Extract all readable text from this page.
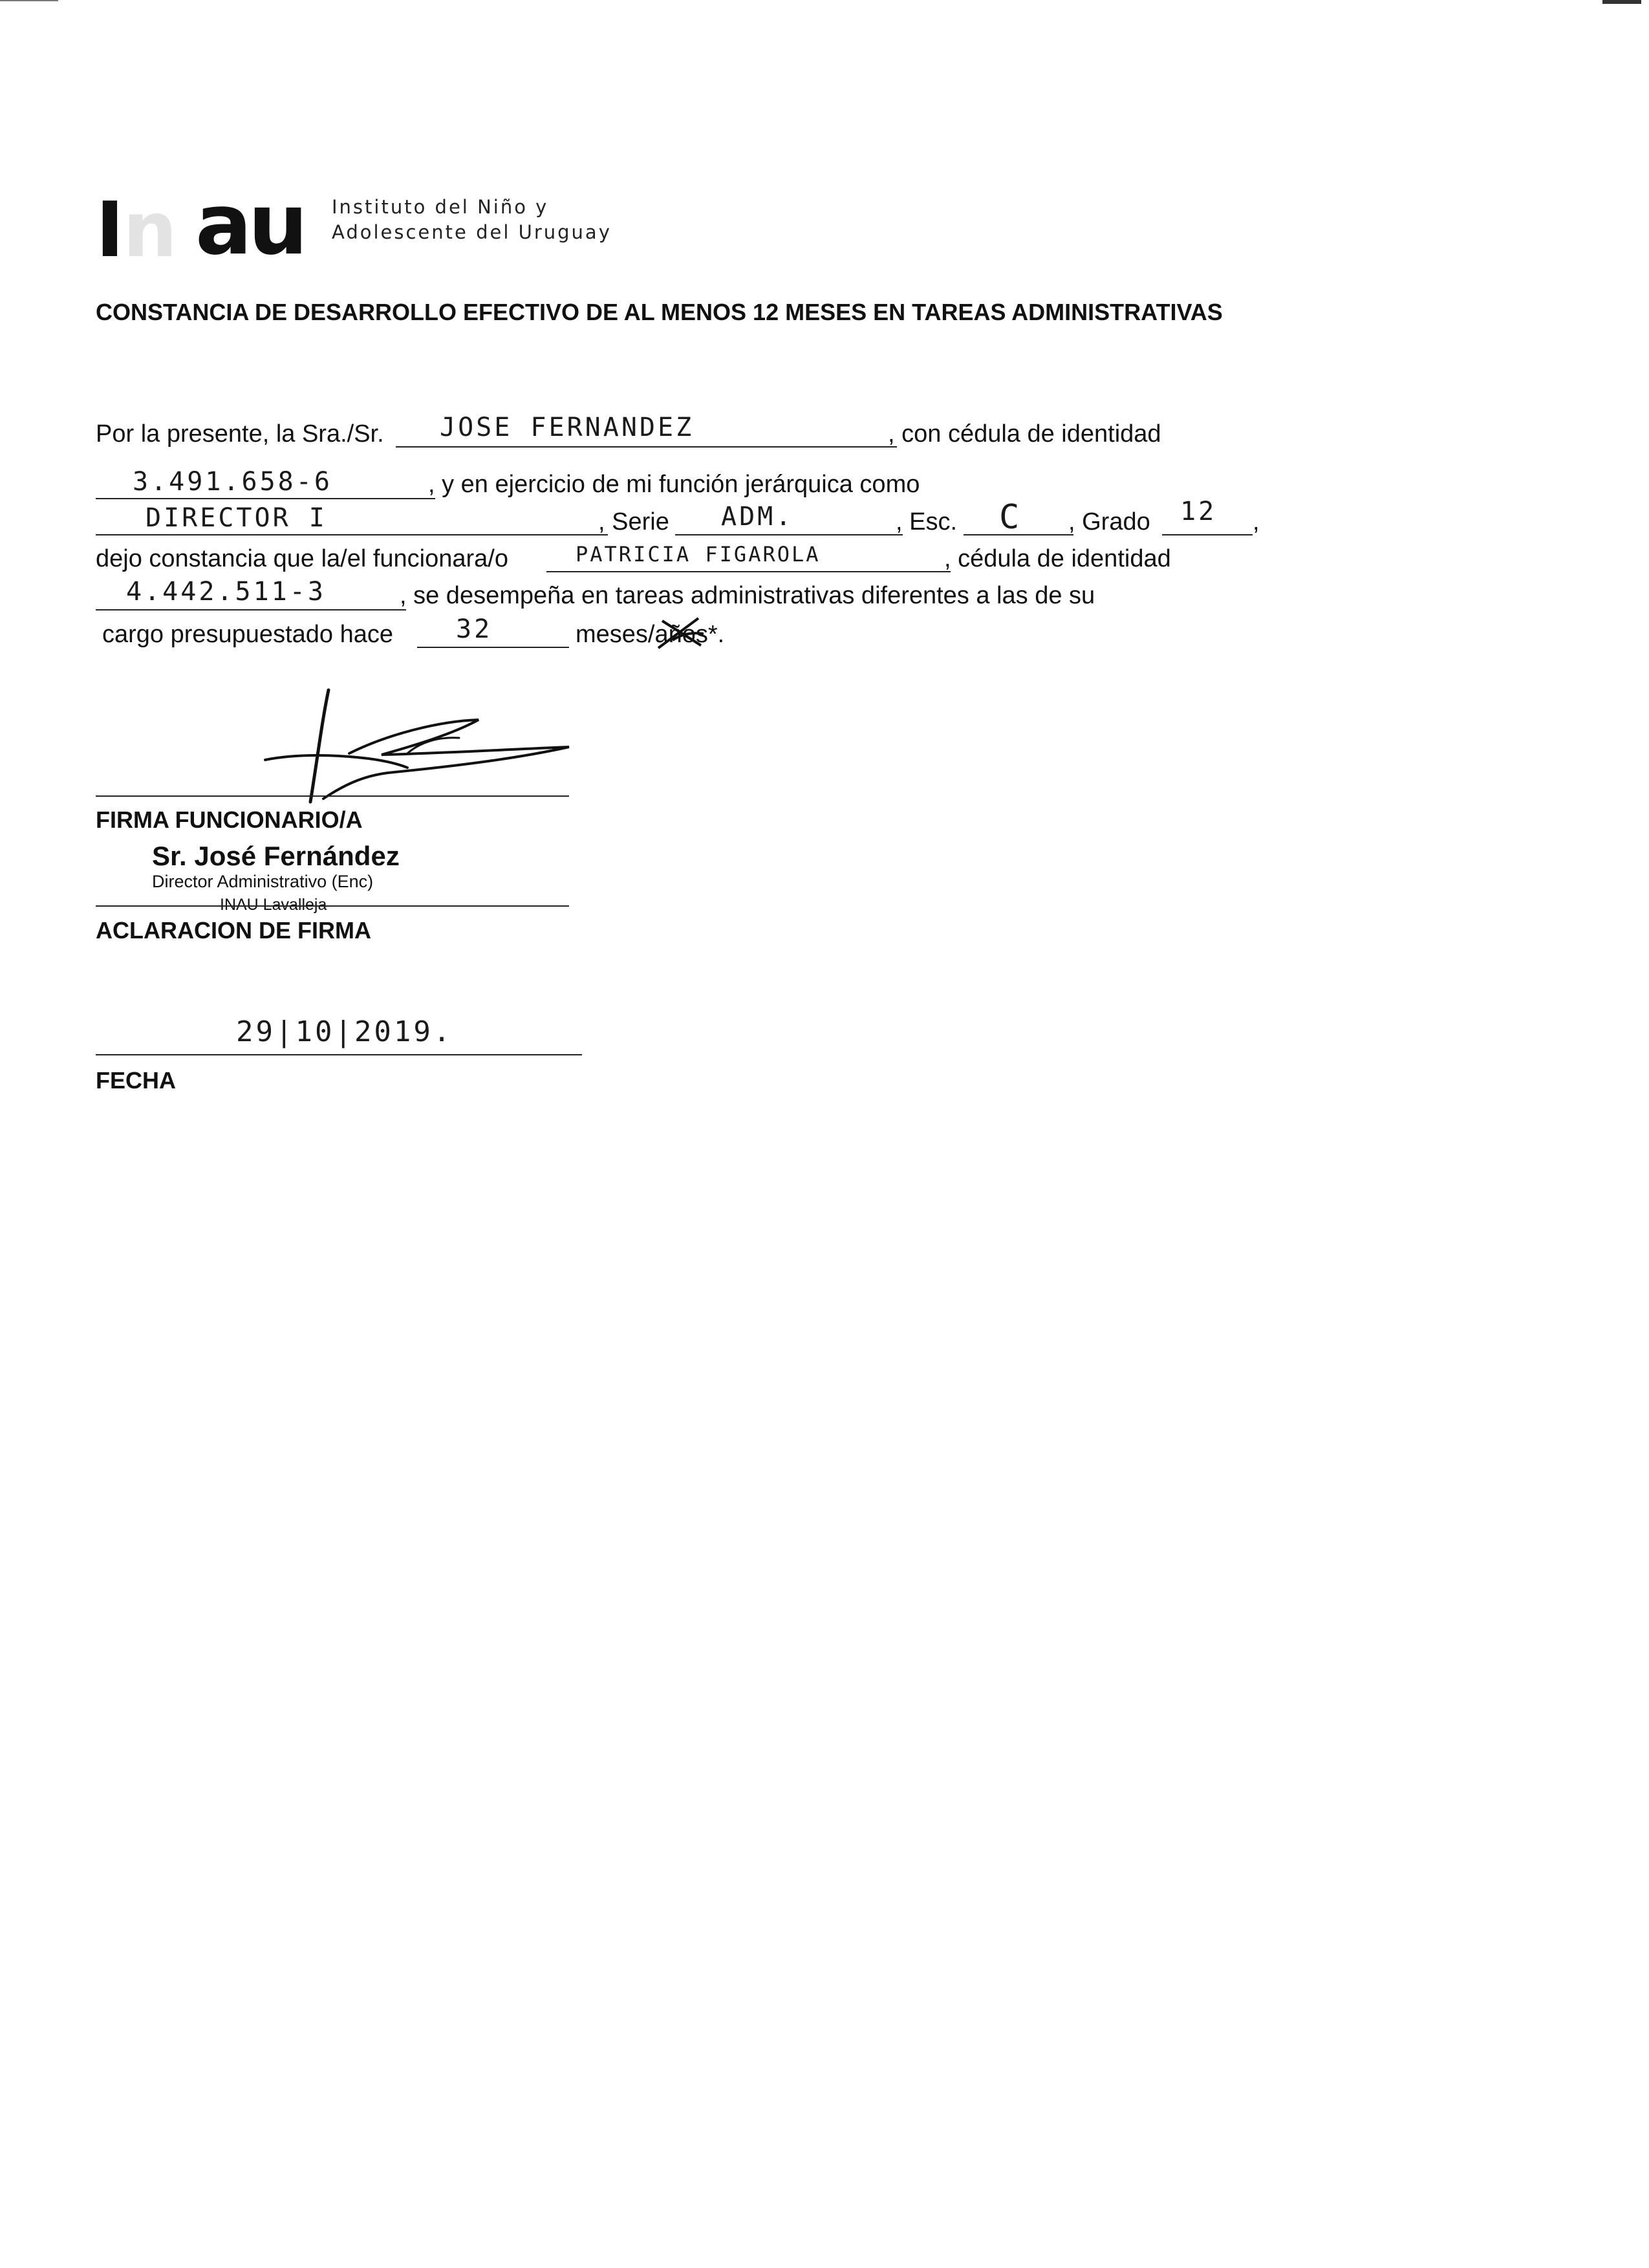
I
n au Instituto del Niño y
Adolescente del Uruguay
CONSTANCIA DE DESARROLLO EFECTIVO DE AL MENOS 12 MESES EN TAREAS ADMINISTRATIVAS
Por la presente, la Sra./Sr. JOSE FERNANDEZ	, con cédula de identidad
3.491.658-6	, y en ejercicio de mi función jerárquica como
DIRECTOR I	, Serie ADM.	, Esc. C , Grado 12 ,
dejo constancia que la/el funcionara/o	PATRICIA FIGAROLA	, cédula de identidad
4.442.511-3	, se desempeña en tareas administrativas diferentes a las de su
cargo presupuestado hace 32	meses/años*.
FIRMA FUNCIONARIO/A
Sr. José Fernández
Director Administrativo (Enc)
INAU Lavalleja
ACLARACION DE FIRMA
29|10|2019.
FECHA
